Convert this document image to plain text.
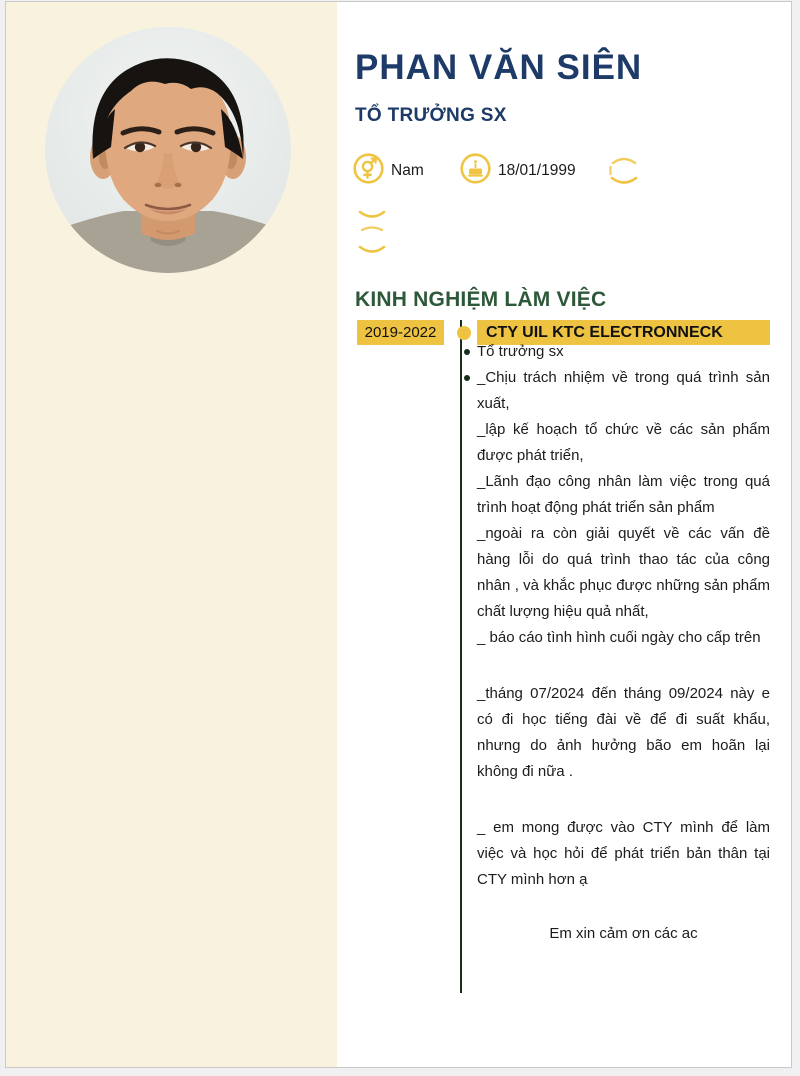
PHAN VĂN SIÊN
TỔ TRƯỞNG SX
Nam	18/01/1999
KINH NGHIỆM LÀM VIỆC
2019-2022	CTY UIL KTC ELECTRONNECK

Tổ trưởng sx

_Chịu trách nhiệm về trong quá trình sản xuất,

_lập kế hoạch tổ chức về các sản phẩm được phát triển,

_Lãnh đạo công nhân làm việc trong quá trình hoạt động phát triển sản phẩm

_ngoài ra còn giải quyết về các vấn đề hàng lỗi do quá trình thao tác của công nhân , và khắc phục được những sản phẩm chất lượng hiệu quả nhất,

_ báo cáo tình hình cuối ngày cho cấp trên

_tháng 07/2024 đến tháng 09/2024 này e có đi học tiếng đài về để đi suất khẩu, nhưng do ảnh hưởng bão em hoãn lại không đi nữa .

_ em mong được vào CTY mình để làm việc và học hỏi để phát triển bản thân tại CTY mình hơn ạ

Em xin cảm ơn các ac
